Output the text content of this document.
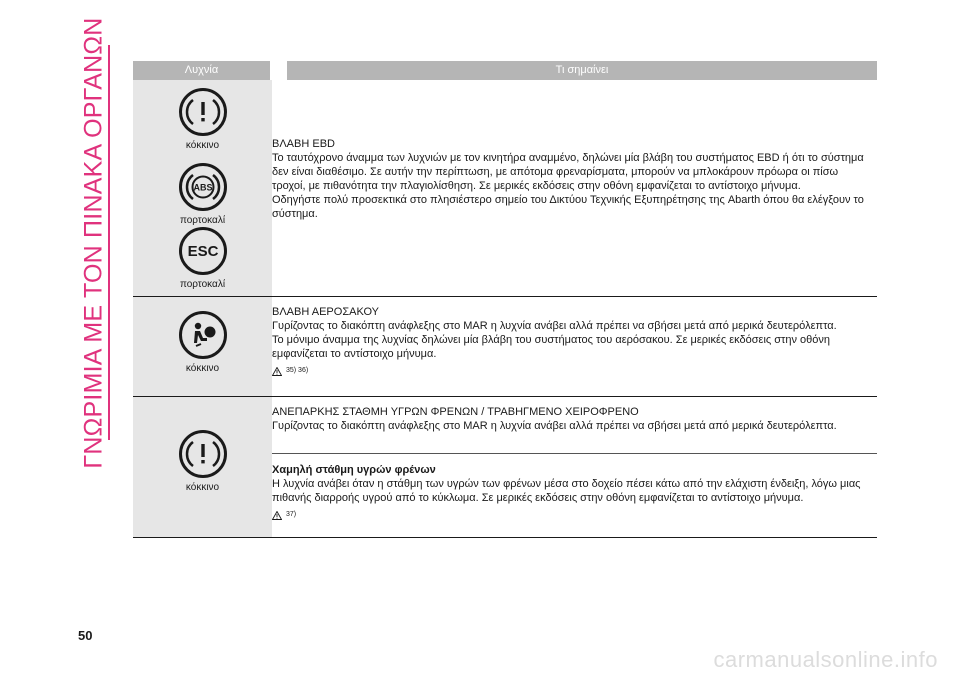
ΓΝΩΡΙΜΙΑ ΜΕ ΤΟΝ ΠΙΝΑΚΑ ΟΡΓΑΝΩΝ	Λυχνία	Τι σημαίνει
κόκκινο
ABS
πορτοκαλί
ESC
πορτοκαλί
κόκκινο
κόκκινο

ΒΛΑΒΗ EBD

Το ταυτόχρονο άναμμα των λυχνιών με τον κινητήρα αναμμένο, δηλώνει μία βλάβη του συστήματος EBD ή ότι το σύστημα δεν είναι διαθέσιμο. Σε αυτήν την περίπτωση, με απότομα φρεναρίσματα, μπορούν να μπλοκάρουν πρόωρα οι πίσω τροχοί, με πιθανότητα την πλαγιολίσθηση. Σε μερικές εκδόσεις στην οθόνη εμφανίζεται το αντίστοιχο μήνυμα.

Οδηγήστε πολύ προσεκτικά στο πλησιέστερο σημείο του Δικτύου Τεχνικής Εξυπηρέτησης της Abarth όπου θα ελέγξουν το σύστημα.

ΒΛΑΒΗ ΑΕΡΟΣΑΚΟΥ

Γυρίζοντας το διακόπτη ανάφλεξης στο MAR η λυχνία ανάβει αλλά πρέπει να σβήσει μετά από μερικά δευτερόλεπτα.

Το μόνιμο άναμμα της λυχνίας δηλώνει μία βλάβη του συστήματος του αερόσακου. Σε μερικές εκδόσεις στην οθόνη εμφανίζεται το αντίστοιχο μήνυμα.

35) 36)

ΑΝΕΠΑΡΚΗΣ ΣΤΑΘΜΗ ΥΓΡΩΝ ΦΡΕΝΩΝ / ΤΡΑΒΗΓΜΕΝΟ ΧΕΙΡΟΦΡΕΝΟ

Γυρίζοντας το διακόπτη ανάφλεξης στο MAR η λυχνία ανάβει αλλά πρέπει να σβήσει μετά από μερικά δευτερόλεπτα.

Χαμηλή στάθμη υγρών φρένων

Η λυχνία ανάβει όταν η στάθμη των υγρών των φρένων μέσα στο δοχείο πέσει κάτω από την ελάχιστη ένδειξη, λόγω μιας πιθανής διαρροής υγρού από το κύκλωμα. Σε μερικές εκδόσεις στην οθόνη εμφανίζεται το αντίστοιχο μήνυμα.

37)
50
carmanualsonline.info
